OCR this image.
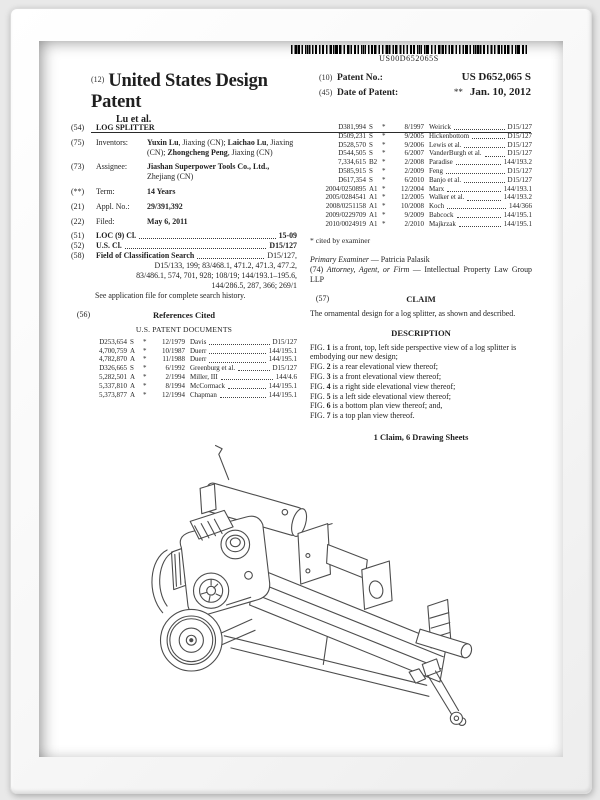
US00D652065S
$^{(12)}$ United States Design Patent
Lu et al.
(10) Patent No.:	US D652,065 S
(45) Date of Patent:	** Jan. 10, 2012
(54)	LOG SPLITTER
(75)	Inventors:	Yuxin Lu, Jiaxing (CN); Laichao Lu, Jiaxing (CN); Zhongcheng Peng, Jiaxing (CN)
(73)	Assignee:	Jiashan Superpower Tools Co., Ltd.,
Zhejiang (CN)
(**)	Term:	14 Years
(21)	Appl. No.:	29/391,392
(22)	Filed:	May 6, 2011
(51)	LOC (9) Cl.	15-09
(52)	U.S. Cl.	D15/127
(58)	Field of Classification Search	D15/127,
D15/133, 199; 83/468.1, 471.2, 471.3, 477.2,
83/486.1, 574, 701, 928; 108/19; 144/193.1–195.6,
144/286.5, 287, 366; 269/1
See application file for complete search history.
(56)	References Cited
U.S. PATENT DOCUMENTS
D253,654 S	*	12/1979 Davis	D15/127
4,700,759 A	*	10/1987 Duerr	144/195.1
4,782,870 A	*	11/1988 Duerr	144/195.1
D326,665 S	*	6/1992 Greenburg et al.	D15/127
5,282,501 A	*	2/1994 Miller, III	144/4.6
5,337,810 A	*	8/1994 McCormack	144/195.1
5,373,877 A	*	12/1994 Chapman	144/195.1
D381,994 S	*	8/1997 Weirick	D15/127
D509,231 S	*	9/2005 Hickenbottom	D15/127
D528,570 S	*	9/2006 Lewis et al.	D15/127
D544,505 S	*	6/2007 VanderBurgh et al.	D15/127
7,334,615 B2 *	2/2008 Paradise	144/193.2
D585,915 S	*	2/2009 Feng	D15/127
D617,354 S	*	6/2010 Banjo et al.	D15/127
2004/0250895 A1 *	12/2004 Marx	144/193.1
2005/0284541 A1 *	12/2005 Walker et al.	144/193.2
2008/0251158 A1 *	10/2008 Koch	144/366
2009/0229709 A1 *	9/2009 Babcock	144/195.1
2010/0024919 A1 *	2/2010 Majkrzak	144/195.1
* cited by examiner
Primary Examiner — Patricia Palasik
(74) Attorney, Agent, or Firm — Intellectual Property Law Group LLP
(57)	CLAIM
The ornamental design for a log splitter, as shown and described.
DESCRIPTION

FIG. 1 is a front, top, left side perspective view of a log splitter is embodying our new design;

FIG. 2 is a rear elevational view thereof;

FIG. 3 is a front elevational view thereof;

FIG. 4 is a right side elevational view thereof;

FIG. 5 is a left side elevational view thereof;

FIG. 6 is a bottom plan view thereof; and,

FIG. 7 is a top plan view thereof.

1 Claim, 6 Drawing Sheets
